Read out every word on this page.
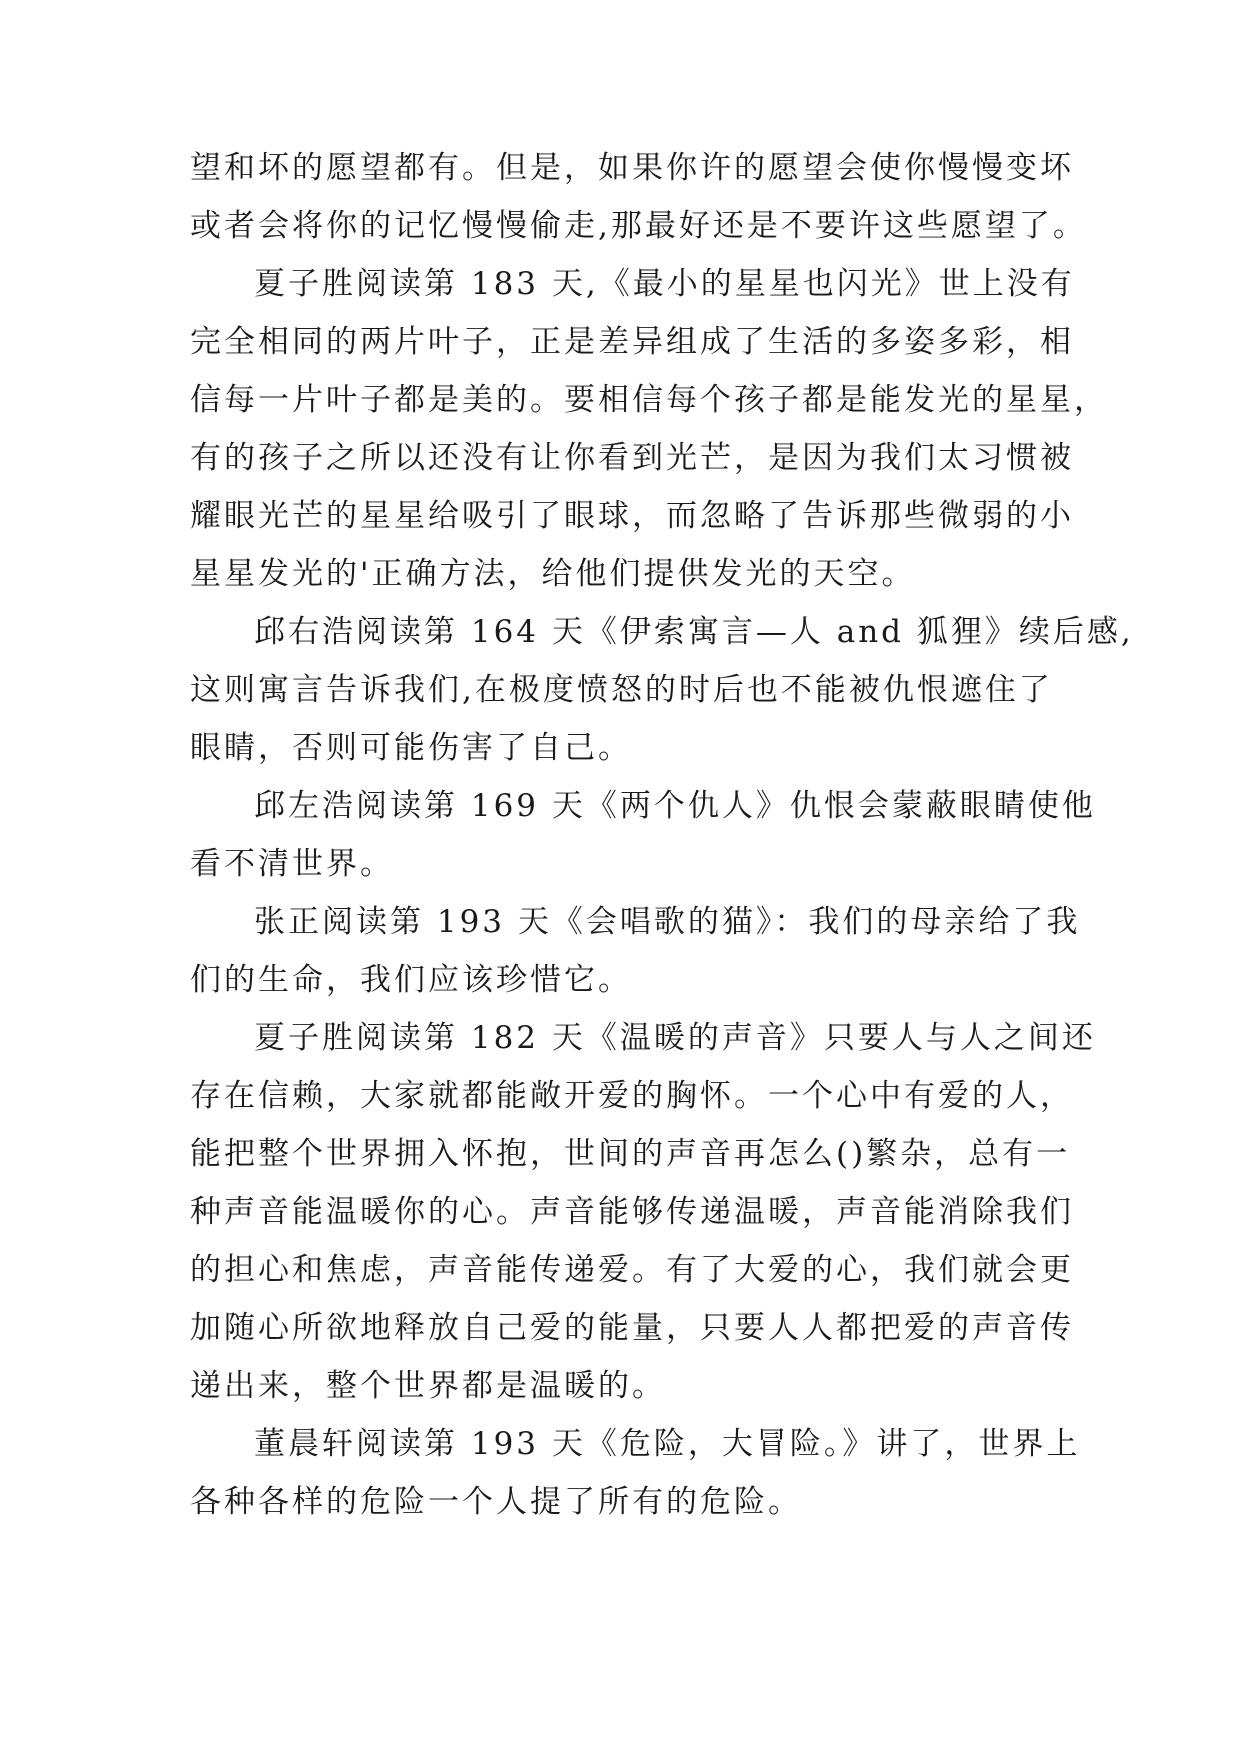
望和坏的愿望都有。但是，如果你许的愿望会使你慢慢变坏
或者会将你的记忆慢慢偷走,那最好还是不要许这些愿望了。
夏子胜阅读第 183 天,《最小的星星也闪光》世上没有
完全相同的两片叶子，正是差异组成了生活的多姿多彩，相
信每一片叶子都是美的。要相信每个孩子都是能发光的星星，
有的孩子之所以还没有让你看到光芒，是因为我们太习惯被
耀眼光芒的星星给吸引了眼球，而忽略了告诉那些微弱的小
星星发光的'正确方法，给他们提供发光的天空。
邱右浩阅读第 164 天《伊索寓言—人 and 狐狸》续后感,
这则寓言告诉我们,在极度愤怒的时后也不能被仇恨遮住了
眼睛，否则可能伤害了自己。
邱左浩阅读第 169 天《两个仇人》仇恨会蒙蔽眼睛使他
看不清世界。
张正阅读第 193 天《会唱歌的猫》：我们的母亲给了我
们的生命，我们应该珍惜它。
夏子胜阅读第 182 天《温暖的声音》只要人与人之间还
存在信赖，大家就都能敞开爱的胸怀。一个心中有爱的人，
能把整个世界拥入怀抱，世间的声音再怎么()繁杂，总有一
种声音能温暖你的心。声音能够传递温暖，声音能消除我们
的担心和焦虑，声音能传递爱。有了大爱的心，我们就会更
加随心所欲地释放自己爱的能量，只要人人都把爱的声音传
递出来，整个世界都是温暖的。
董晨轩阅读第 193 天《危险，大冒险。》讲了，世界上
各种各样的危险一个人提了所有的危险。
